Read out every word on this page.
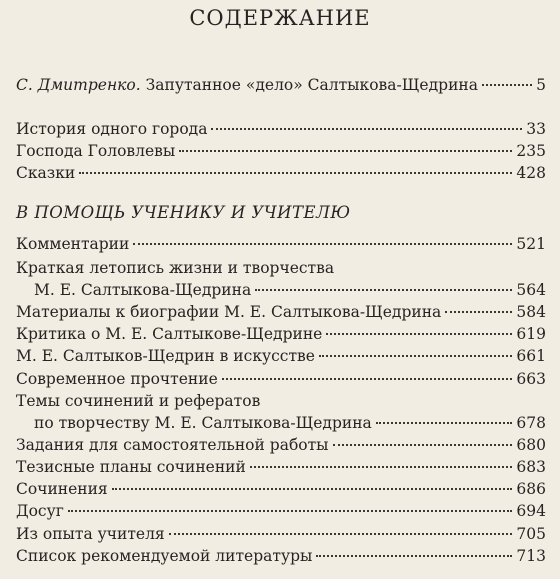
СОДЕРЖАНИЕ
С. Дмитренко. Запутанное «дело» Салтыкова-Щедрина	5
История одного города	33
Господа Головлевы	235
Сказки	428
В ПОМОЩЬ УЧЕНИКУ И УЧИТЕЛЮ
Комментарии	521
Краткая летопись жизни и творчества
М. Е. Салтыкова-Щедрина	564
Материалы к биографии М. Е. Салтыкова-Щедрина	584
Критика о М. Е. Салтыкове-Щедрине	619
М. Е. Салтыков-Щедрин в искусстве	661
Современное прочтение	663
Темы сочинений и рефератов
по творчеству М. Е. Салтыкова-Щедрина	678
Задания для самостоятельной работы	680
Тезисные планы сочинений	683
Сочинения	686
Досуг	694
Из опыта учителя	705
Список рекомендуемой литературы	713
